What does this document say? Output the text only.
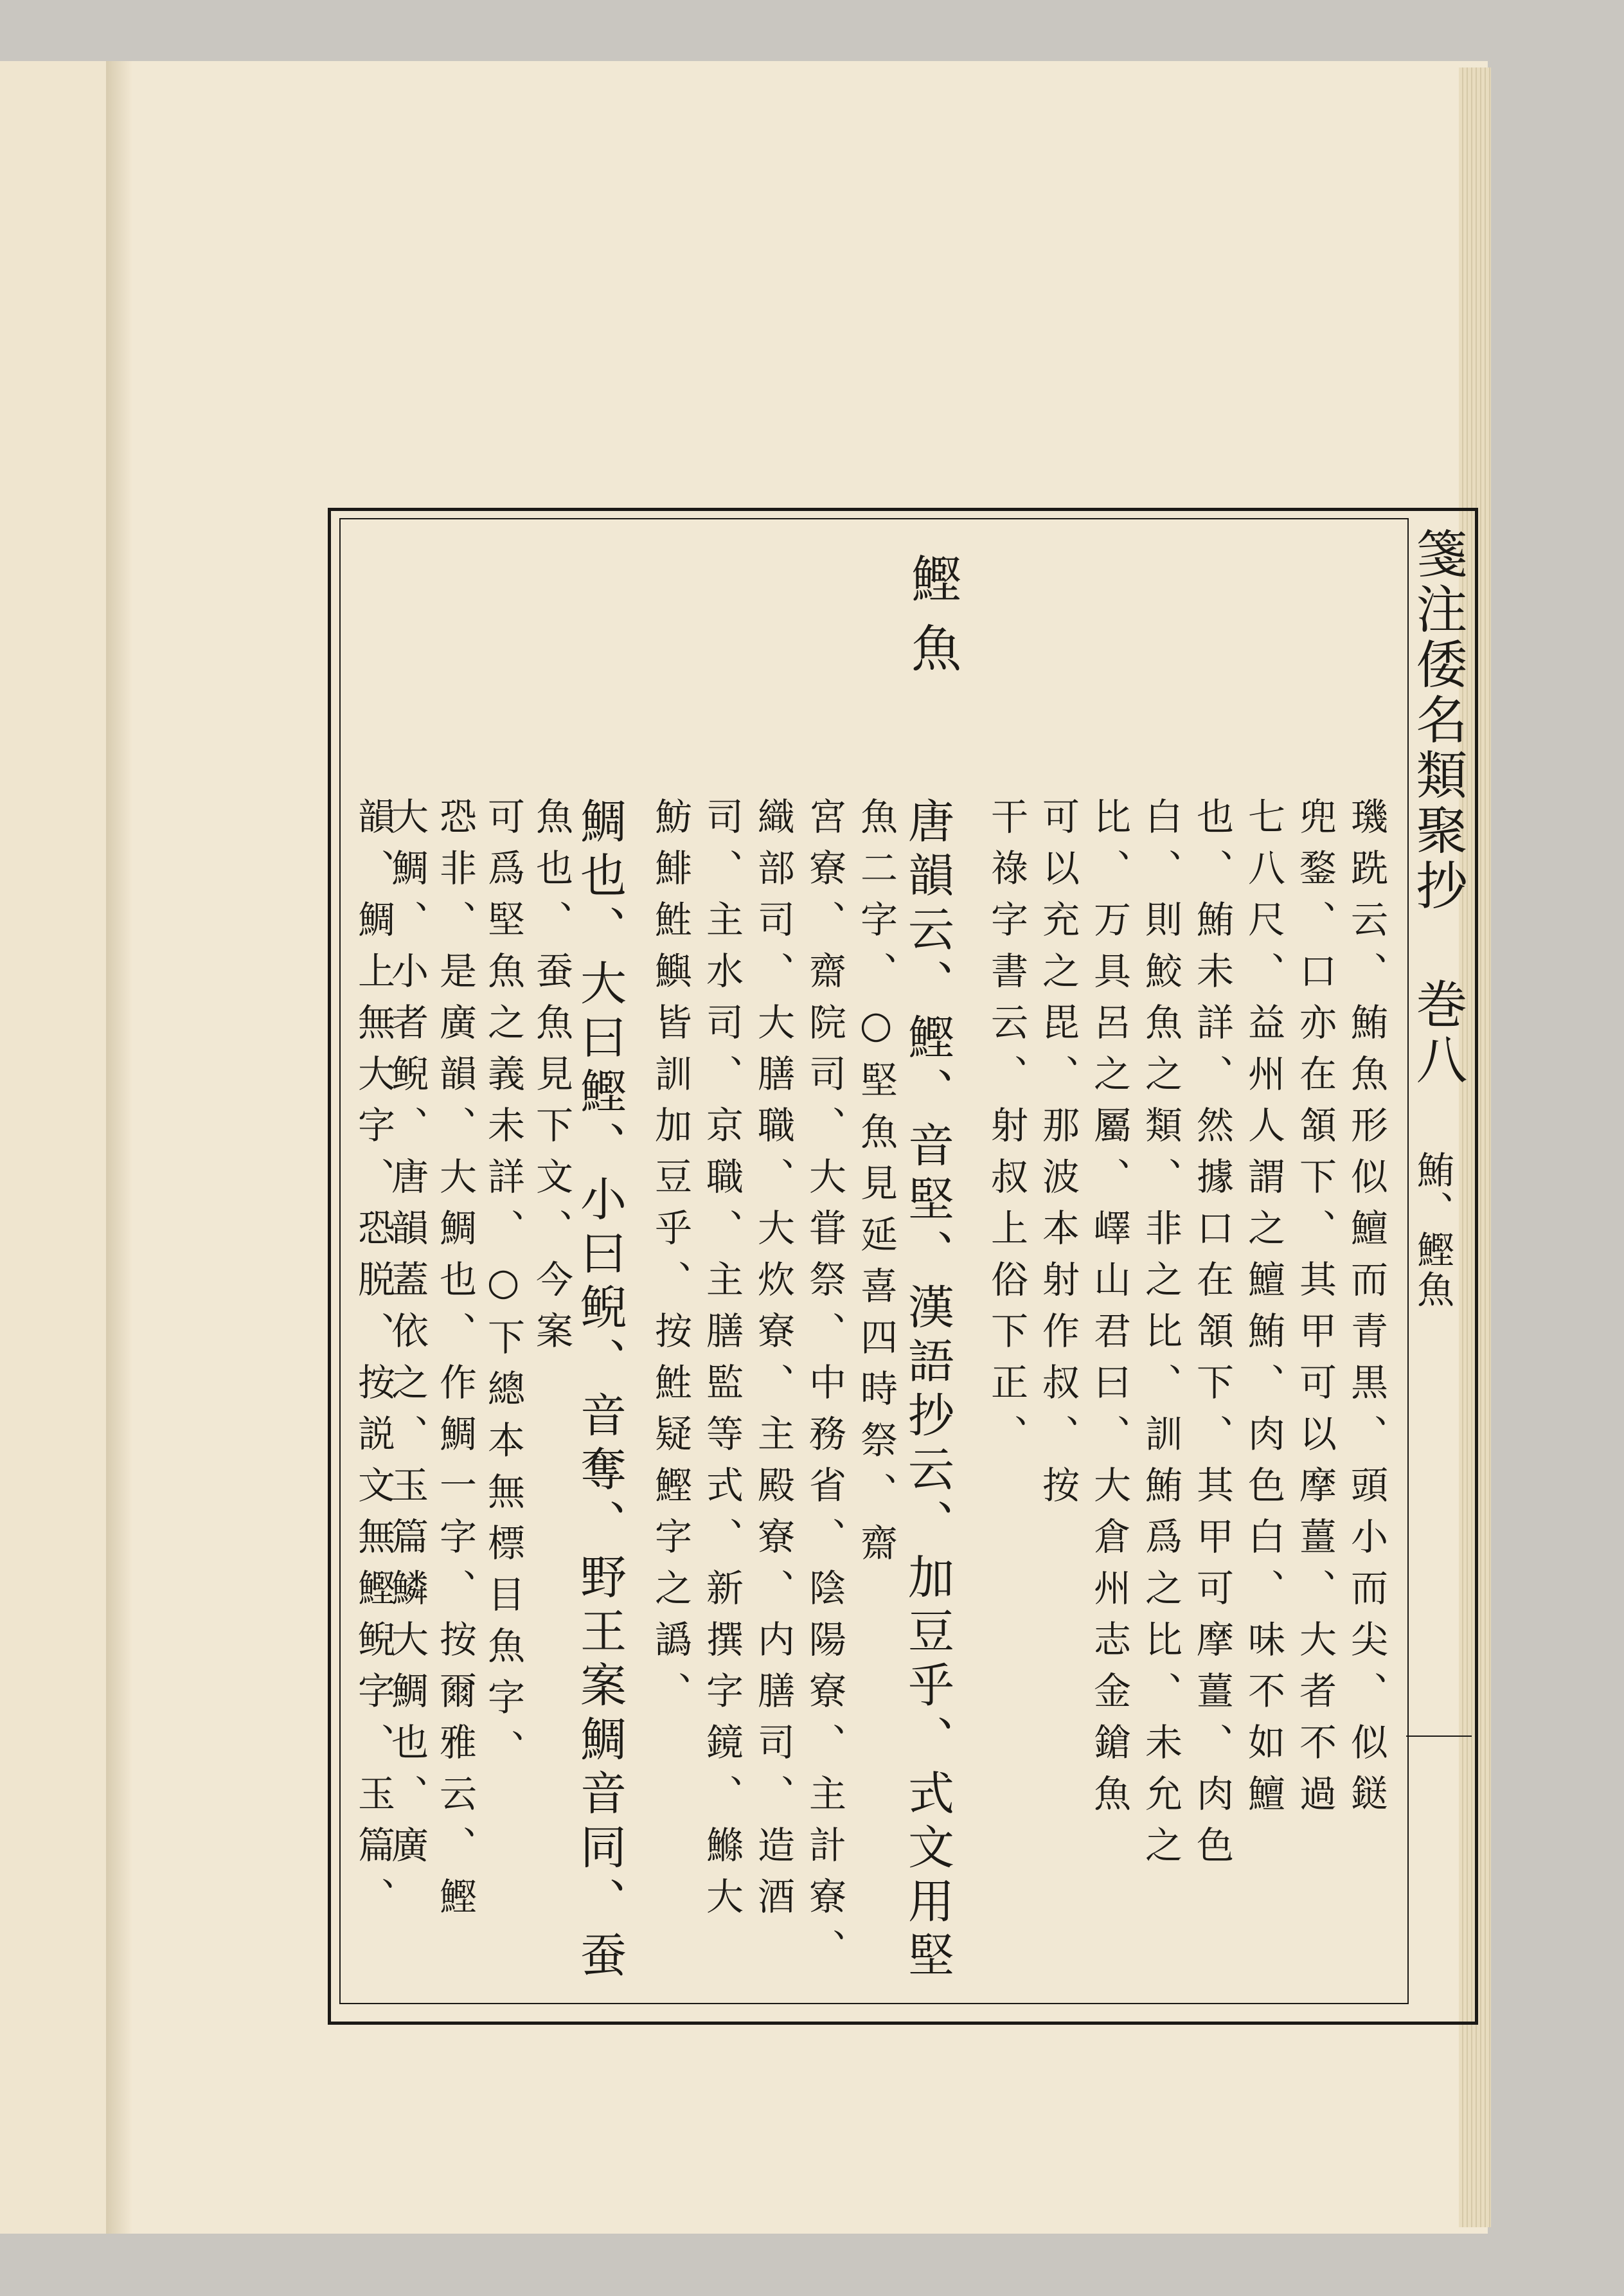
箋注倭名類聚抄 巻八
鮪、鰹魚
鰹魚
璣跣云、鮪魚形似鱣而青黒、頭小而尖、似鎹
兜鍪、口亦在頷下、其甲可以摩薑、大者不過
七八尺、益州人謂之鱣鮪、肉色白、味不如鱣
也、鮪未詳、然據口在頷下、其甲可摩薑、肉色
白、則鮫魚之類、非之比、訓鮪爲之比、未允之
比、万具呂之屬、嶧山君曰、大倉州志金鎗魚
可以充之毘、那波本射作叔、按
干祿字書云、射叔上俗下正、
唐韻云、鰹、音堅、漢語抄云、加豆乎、式文用堅
魚二字、○堅魚見延喜四時祭、齋
宮寮、齋院司、大甞祭、中務省、陰陽寮、主計寮、
織部司、大膳職、大炊寮、主殿寮、内膳司、造酒
司、主水司、京職、主膳監等式、新撰字鏡、鰷大
魴鯡鮏鱮皆訓加豆乎、按鮏疑鰹字之譌、
鯛也、大曰鰹、小曰鲵、音奪、野王案鯛音同、蚕
魚也、蚕魚見下文、今案
可爲堅魚之義未詳、○下總本無標目魚字、
恐非、是廣韻、大鯛也、作鯛一字、按爾雅云、鰹
大鯛、小者鲵、唐韻蓋依之、玉篇鱗大鯛也、廣
韻、鯛上無大字、恐脱、按説文無鰹鲵字、玉篇、
